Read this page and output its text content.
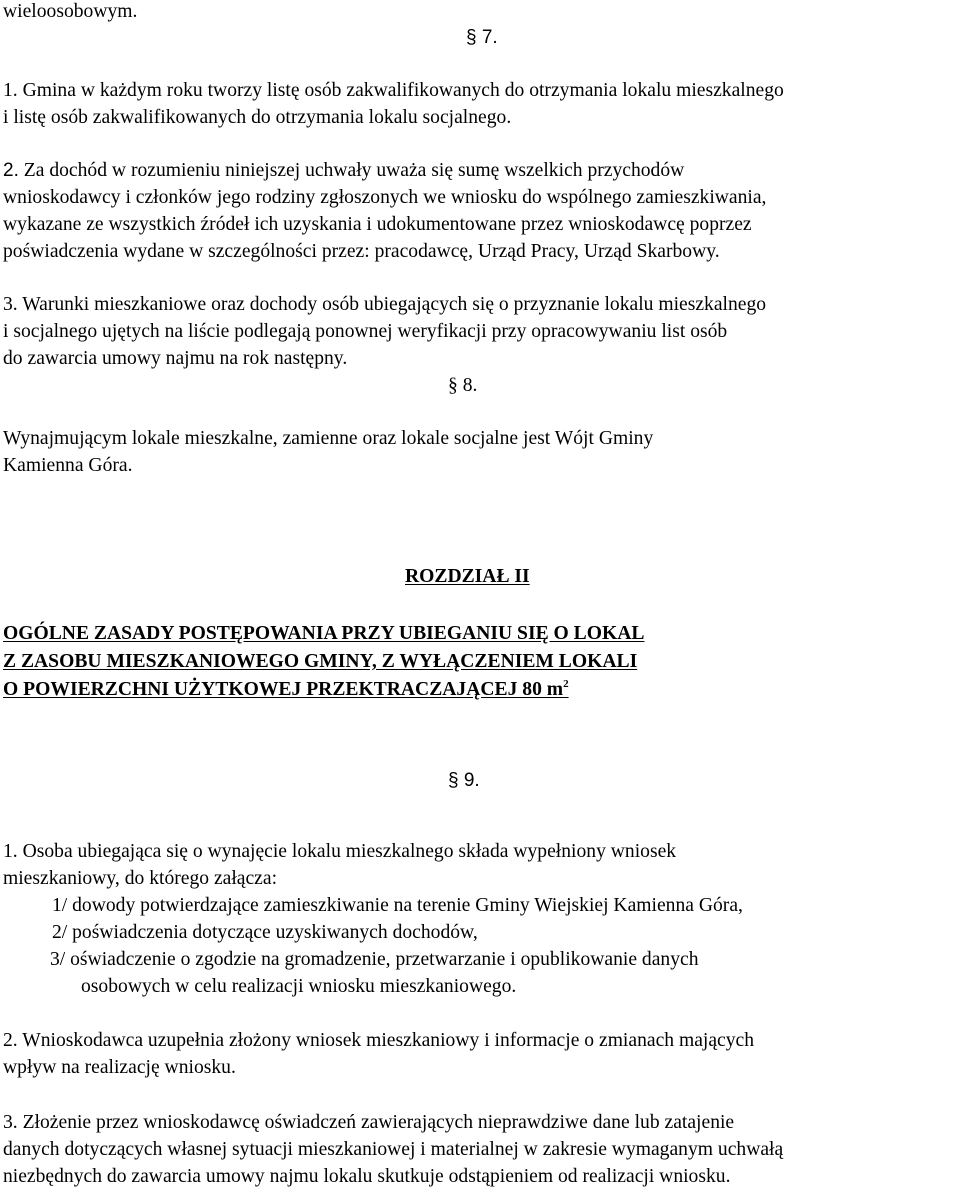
wieloosobowym.
§ 7.
1. Gmina w każdym roku tworzy listę osób zakwalifikowanych do otrzymania lokalu mieszkalnego
i listę osób zakwalifikowanych do otrzymania lokalu socjalnego.
2. Za dochód w rozumieniu niniejszej uchwały uważa się sumę wszelkich przychodów
wnioskodawcy i członków jego rodziny zgłoszonych we wniosku do wspólnego zamieszkiwania,
wykazane ze wszystkich źródeł ich uzyskania i udokumentowane przez wnioskodawcę poprzez
poświadczenia wydane w szczególności przez: pracodawcę, Urząd Pracy, Urząd Skarbowy.
3. Warunki mieszkaniowe oraz dochody osób ubiegających się o przyznanie lokalu mieszkalnego
i socjalnego ujętych na liście podlegają ponownej weryfikacji przy opracowywaniu list osób
do zawarcia umowy najmu na rok następny.
§ 8.
Wynajmującym lokale mieszkalne, zamienne oraz lokale socjalne jest Wójt Gminy
Kamienna Góra.
ROZDZIAŁ II
OGÓLNE ZASADY POSTĘPOWANIA PRZY UBIEGANIU SIĘ O LOKAL
Z ZASOBU MIESZKANIOWEGO GMINY, Z WYŁĄCZENIEM LOKALI
O POWIERZCHNI UŻYTKOWEJ PRZEKTRACZAJĄCEJ 80 $m^2$
§ 9.
1. Osoba ubiegająca się o wynajęcie lokalu mieszkalnego składa wypełniony wniosek
mieszkaniowy, do którego załącza:
1/ dowody potwierdzające zamieszkiwanie na terenie Gminy Wiejskiej Kamienna Góra,
2/ poświadczenia dotyczące uzyskiwanych dochodów,
3/ oświadczenie o zgodzie na gromadzenie, przetwarzanie i opublikowanie danych
osobowych w celu realizacji wniosku mieszkaniowego.
2. Wnioskodawca uzupełnia złożony wniosek mieszkaniowy i informacje o zmianach mających
wpływ na realizację wniosku.
3. Złożenie przez wnioskodawcę oświadczeń zawierających nieprawdziwe dane lub zatajenie
danych dotyczących własnej sytuacji mieszkaniowej i materialnej w zakresie wymaganym uchwałą
niezbędnych do zawarcia umowy najmu lokalu skutkuje odstąpieniem od realizacji wniosku.
